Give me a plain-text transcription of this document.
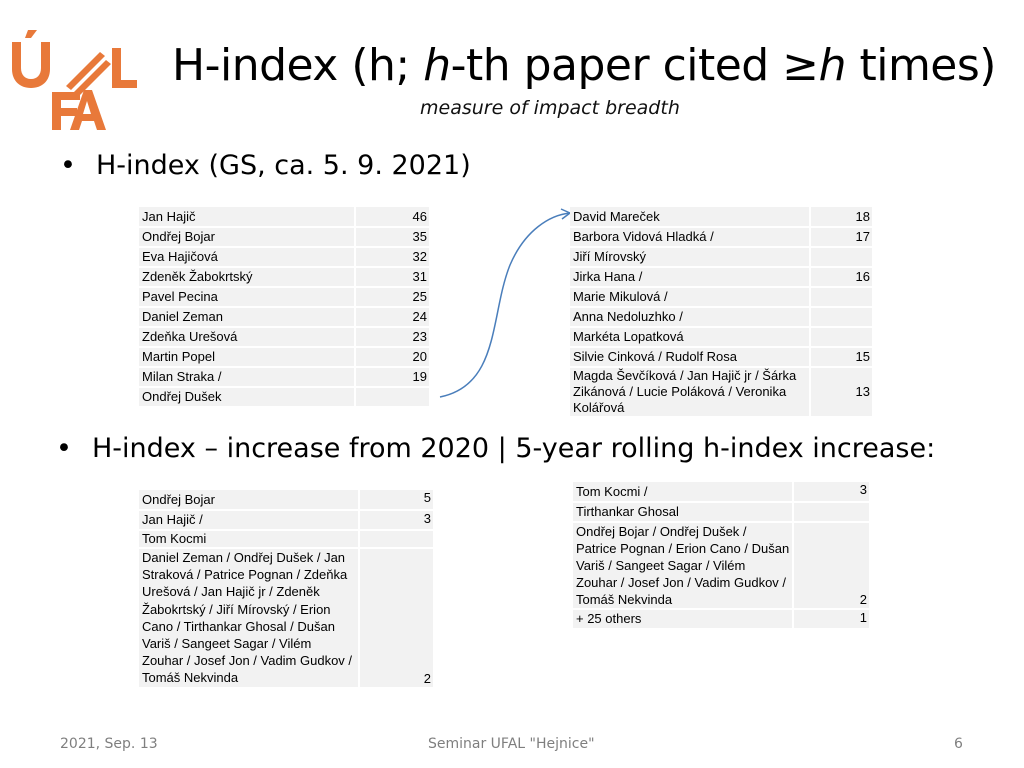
H-index (h; h-th paper cited ≥h times)
measure of impact breadth
• H-index (GS, ca. 5. 9. 2021)
• H-index – increase from 2020 | 5-year rolling h-index increase:
Jan Hajič	46
Ondřej Bojar	35
Eva Hajičová	32
Zdeněk Žabokrtský	31
Pavel Pecina	25
Daniel Zeman	24
Zdeňka Urešová	23
Martin Popel	20
Milan Straka /	19
Ondřej Dušek	
David Mareček	18
Barbora Vidová Hladká /	17
Jiří Mírovský	
Jirka Hana /	16
Marie Mikulová /	
Anna Nedoluzhko /	
Markéta Lopatková	
Silvie Cinková / Rudolf Rosa	15
Magda Ševčíková / Jan Hajič jr / Šárka Zikánová / Lucie Poláková / Veronika Kolářová	13
Ondřej Bojar	5
Jan Hajič /	3
Tom Kocmi	
Daniel Zeman / Ondřej Dušek / Jan Straková / Patrice Pognan / Zdeňka Urešová / Jan Hajič jr / Zdeněk Žabokrtský / Jiří Mírovský / Erion Cano / Tirthankar Ghosal / Dušan Variš / Sangeet Sagar / Vilém Zouhar / Josef Jon / Vadim Gudkov / Tomáš Nekvinda	2
Tom Kocmi /	3
Tirthankar Ghosal	
Ondřej Bojar / Ondřej Dušek / Patrice Pognan / Erion Cano / Dušan Variš / Sangeet Sagar / Vilém Zouhar / Josef Jon / Vadim Gudkov / Tomáš Nekvinda	2
+ 25 others	1
2021, Sep. 13	Seminar UFAL "Hejnice"	6
